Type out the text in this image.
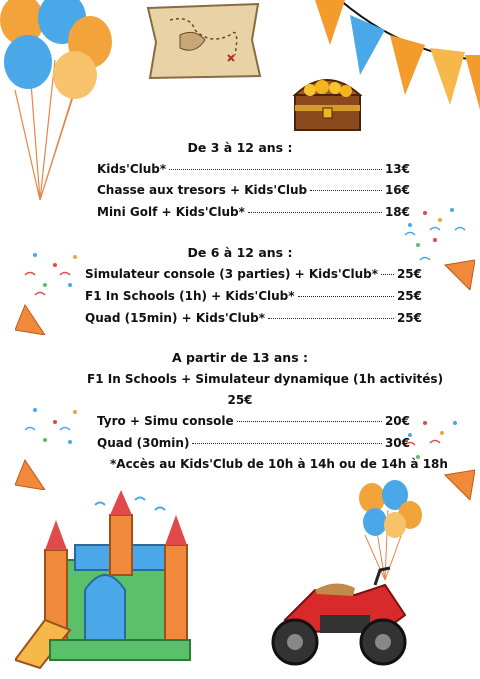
De 3 à 12 ans :
Kids'Club*	13€
Chasse aux tresors + Kids'Club	16€
Mini Golf + Kids'Club*	18€
De 6 à 12 ans :
Simulateur console (3 parties) + Kids'Club* 25€
F1 In Schools (1h) + Kids'Club*	25€
Quad (15min) + Kids'Club*	25€
A partir de 13 ans :
F1 In Schools + Simulateur dynamique (1h activités)
25€
Tyro + Simu console	20€
Quad (30min)	30€
*Accès au Kids'Club de 10h à 14h ou de 14h à 18h
